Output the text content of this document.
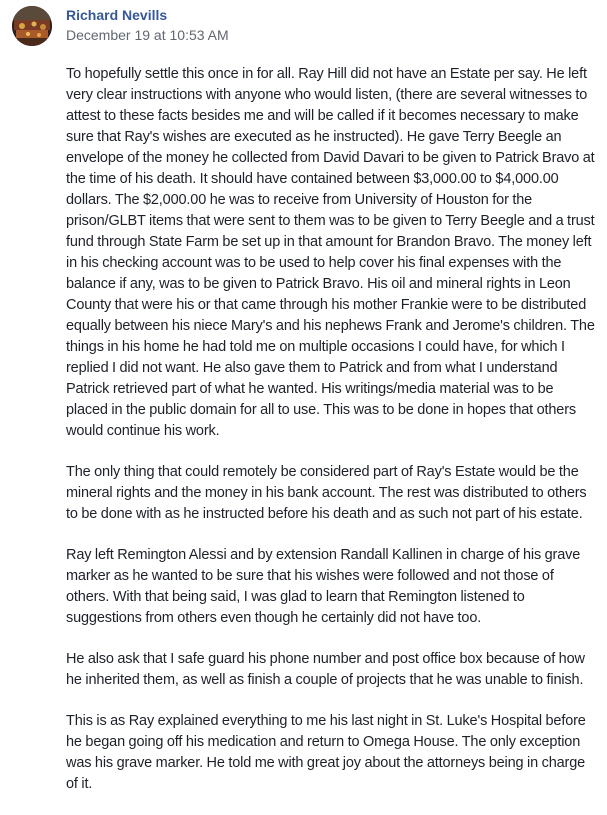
Richard Nevills
December 19 at 10:53 AM

To hopefully settle this once in for all. Ray Hill did not have an Estate per say. He left very clear instructions with anyone who would listen, (there are several witnesses to attest to these facts besides me and will be called if it becomes necessary to make sure that Ray's wishes are executed as he instructed). He gave Terry Beegle an envelope of the money he collected from David Davari to be given to Patrick Bravo at the time of his death. It should have contained between $3,000.00 to $4,000.00 dollars. The $2,000.00 he was to receive from University of Houston for the prison/GLBT items that were sent to them was to be given to Terry Beegle and a trust fund through State Farm be set up in that amount for Brandon Bravo. The money left in his checking account was to be used to help cover his final expenses with the balance if any, was to be given to Patrick Bravo. His oil and mineral rights in Leon County that were his or that came through his mother Frankie were to be distributed equally between his niece Mary's and his nephews Frank and Jerome's children. The things in his home he had told me on multiple occasions I could have, for which I replied I did not want. He also gave them to Patrick and from what I understand Patrick retrieved part of what he wanted. His writings/media material was to be placed in the public domain for all to use. This was to be done in hopes that others would continue his work.

The only thing that could remotely be considered part of Ray's Estate would be the mineral rights and the money in his bank account. The rest was distributed to others to be done with as he instructed before his death and as such not part of his estate.

Ray left Remington Alessi and by extension Randall Kallinen in charge of his grave marker as he wanted to be sure that his wishes were followed and not those of others. With that being said, I was glad to learn that Remington listened to suggestions from others even though he certainly did not have too.

He also ask that I safe guard his phone number and post office box because of how he inherited them, as well as finish a couple of projects that he was unable to finish.

This is as Ray explained everything to me his last night in St. Luke's Hospital before he began going off his medication and return to Omega House. The only exception was his grave marker. He told me with great joy about the attorneys being in charge of it.
